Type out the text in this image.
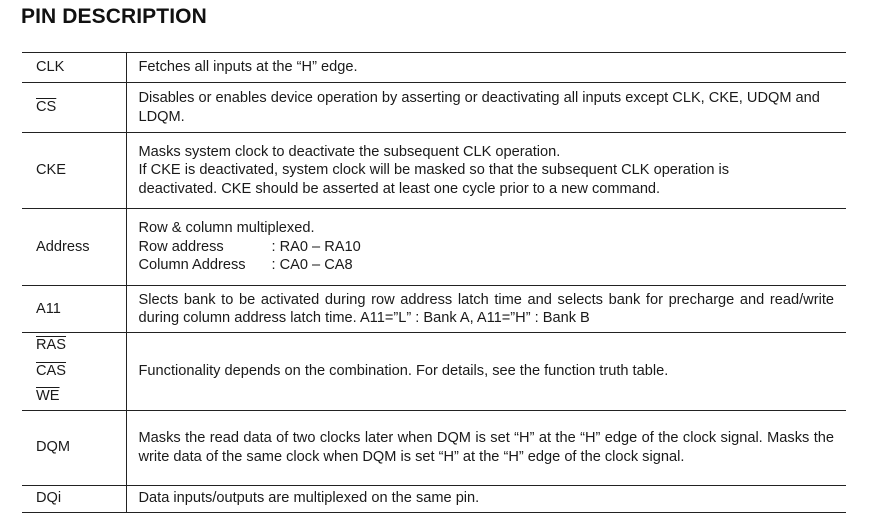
PIN DESCRIPTION
CLK	Fetches all inputs at the “H” edge.
$\overline{CS}$	Disables or enables device operation by asserting or deactivating all inputs except CLK, CKE, UDQM and LDQM.
CKE	Masks system clock to deactivate the subsequent CLK operation.
If CKE is deactivated, system clock will be masked so that the subsequent CLK operation is
deactivated. CKE should be asserted at least one cycle prior to a new command.

Address	Row & column multiplexed.
Row address : RA0 – RA10
Column Address : CA0 – CA8

A11	Slects bank to be activated during row address latch time and selects bank for precharge and read/write during column address latch time. A11=”L” : Bank A, A11=”H” : Bank B

$\overline{RAS}$
$\overline{CAS}$
$\overline{WE}$	Functionality depends on the combination. For details, see the function truth table.
DQM	Masks the read data of two clocks later when DQM is set “H” at the “H” edge of the clock signal. Masks the write data of the same clock when DQM is set “H” at the “H” edge of the clock signal.
DQi	Data inputs/outputs are multiplexed on the same pin.
